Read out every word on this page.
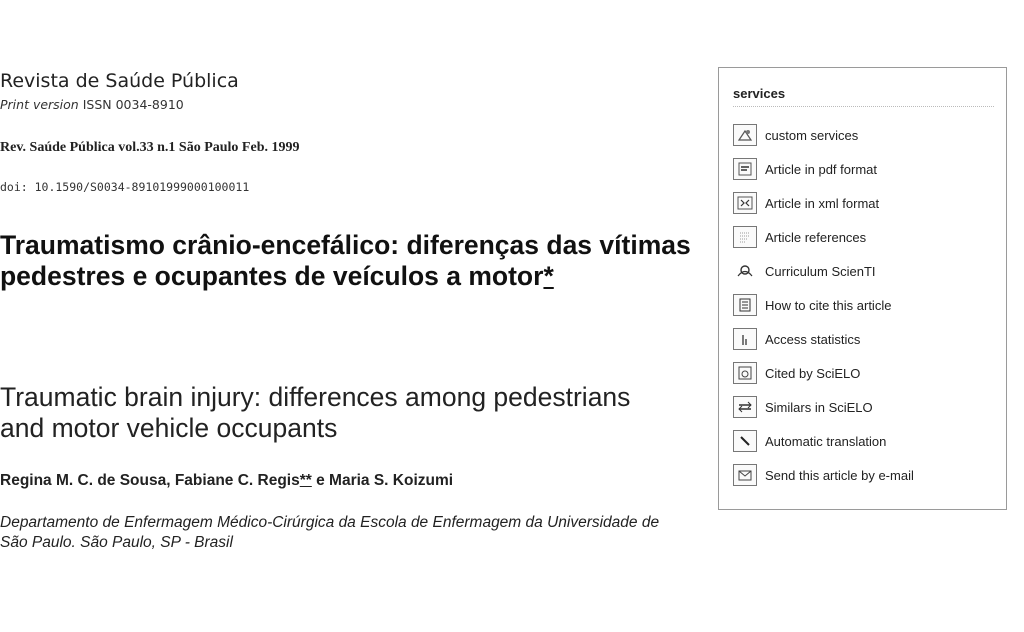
Revista de Saúde Pública
Print version ISSN 0034-8910
Rev. Saúde Pública vol.33 n.1 São Paulo Feb. 1999
doi: 10.1590/S0034-89101999000100011
Traumatismo crânio-encefálico: diferenças das vítimas pedestres e ocupantes de veículos a motor*
Traumatic brain injury: differences among pedestrians and motor vehicle occupants
Regina M. C. de Sousa, Fabiane C. Regis** e Maria S. Koizumi
Departamento de Enfermagem Médico-Cirúrgica da Escola de Enfermagem da Universidade de São Paulo. São Paulo, SP - Brasil
services
custom services
Article in pdf format
Article in xml format
Article references
Curriculum ScienTI
How to cite this article
Access statistics
Cited by SciELO
Similars in SciELO
Automatic translation
Send this article by e-mail
